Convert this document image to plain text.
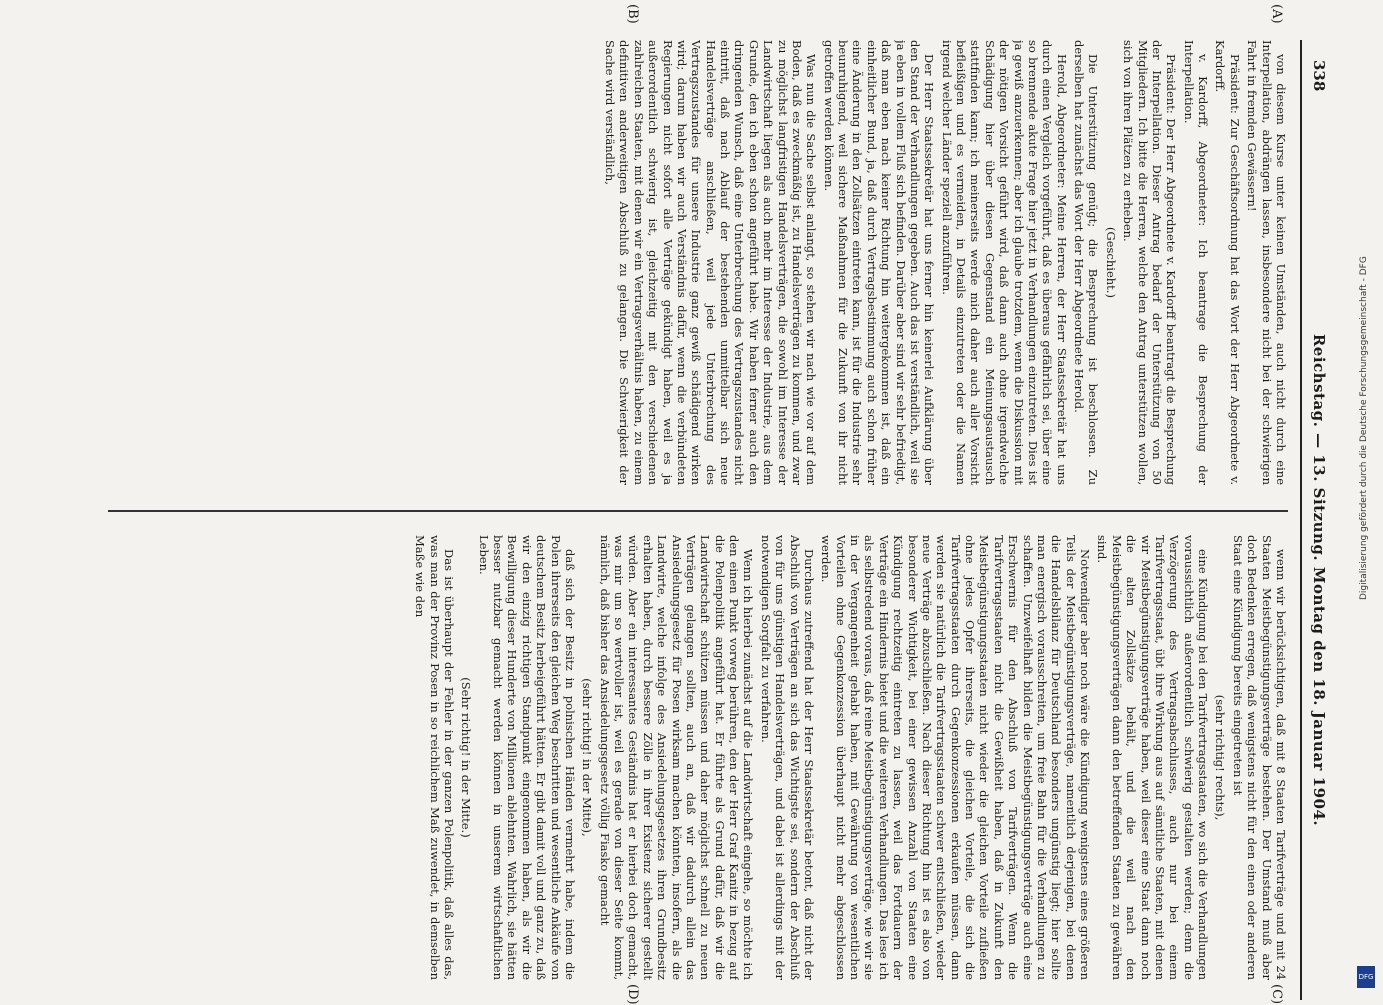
338
Reichstag. — 13. Sitzung. Montag den 18. Januar 1904.
(A)
(B)
(C)
(D)

von diesem Kurse unter keinen Umständen, auch nicht durch eine Interpellation, abdrängen lassen, insbesondere nicht bei der schwierigen Fahrt in fremden Gewässern!

Präsident: Zur Geschäftsordnung hat das Wort der Herr Abgeordnete v. Kardorff.

v. Kardorff, Abgeordneter: Ich beantrage die Besprechung der Interpellation.

Präsident: Der Herr Abgeordnete v. Kardorff beantragt die Besprechung der Interpellation. Dieser Antrag bedarf der Unterstützung von 50 Mitgliedern. Ich bitte die Herren, welche den Antrag unterstützen wollen, sich von ihren Plätzen zu erheben.

(Geschieht.)

Die Unterstützung genügt; die Besprechung ist beschlossen. Zu derselben hat zunächst das Wort der Herr Abgeordnete Herold.

Herold, Abgeordneter: Meine Herren, der Herr Staatssekretär hat uns durch einen Vergleich vorgeführt, daß es überaus gefährlich sei, über eine so brennende akute Frage hier jetzt in Verhandlungen einzutreten. Dies ist ja gewiß anzuerkennen; aber ich glaube trotzdem, wenn die Diskussion mit der nötigen Vorsicht geführt wird, daß dann auch ohne irgendwelche Schädigung hier über diesen Gegenstand ein Meinungsaustausch stattfinden kann; ich meinerseits werde mich daher auch aller Vorsicht befleißigen und es vermeiden, in Details einzutreten oder die Namen irgend welcher Länder speziell anzuführen.

Der Herr Staatssekretär hat uns ferner hin keinerlei Aufklärung über den Stand der Verhandlungen gegeben. Auch das ist verständlich, weil sie ja eben in vollem Fluß sich befinden. Darüber aber sind wir sehr befriedigt, daß man eben nach keiner Richtung hin weitergekommen ist, daß ein einheitlicher Bund, ja, daß durch Vertragsbestimmung auch schon früher eine Änderung in den Zollsätzen eintreten kann, ist für die Industrie sehr beunruhigend, weil sichere Maßnahmen für die Zukunft von ihr nicht getroffen werden können.

Was nun die Sache selbst anlangt, so stehen wir nach wie vor auf dem Boden, daß es zweckmäßig ist, zu Handelsverträgen zu kommen, und zwar zu möglichst langfristigen Handelsverträgen, die sowohl im Interesse der Landwirtschaft liegen als auch mehr im Interesse der Industrie, aus dem Grunde, den ich eben schon angeführt habe. Wir haben ferner auch den dringenden Wunsch, daß eine Unterbrechung des Vertragszustandes nicht eintritt, daß nach Ablauf der bestehenden unmittelbar sich neue Handelsverträge anschließen, weil jede Unterbrechung des Vertragszustandes für unsere Industrie ganz gewiß schädigend wirken wird; darum haben wir auch Verständnis dafür, wenn die verbündeten Regierungen nicht sofort alle Verträge gekündigt haben, weil es ja außerordentlich schwierig ist, gleichzeitig mit den verschiedenen zahlreichen Staaten, mit denen wir ein Vertragsverhältnis haben, zu einem definitiven anderweitigen Abschluß zu gelangen. Die Schwierigkeit der Sache wird verständlich,

wenn wir berücksichtigen, daß mit 8 Staaten Tarifverträge und mit 24 Staaten Meistbegünstigungsverträge bestehen. Der Umstand muß aber doch Bedenken erregen, daß wenigstens nicht für den einen oder anderen Staat eine Kündigung bereits eingetreten ist

(sehr richtig! rechts),

eine Kündigung bei den Tarifvertragsstaaten, wo sich die Verhandlungen voraussichtlich außerordentlich schwierig gestalten werden; denn die Verzögerung des Vertragsabschlusses, auch nur bei einem Tarifvertragsstaat, übt ihre Wirkung aus auf sämtliche Staaten, mit denen wir Meistbegünstigungsverträge haben, weil dieser eine Staat dann noch die alten Zollsätze behält, und die weil nach den Meistbegünstigungsverträgen dann den betreffenden Staaten zu gewähren sind.

Notwendiger aber noch wäre die Kündigung wenigstens eines größeren Teils der Meistbegünstigungsverträge, namentlich derjenigen, bei denen die Handelsbilanz für Deutschland besonders ungünstig liegt; hier sollte man energisch vorausschreiten, um freie Bahn für die Verhandlungen zu schaffen. Unzweifelhaft bilden die Meistbegünstigungsverträge auch eine Erschwernis für den Abschluß von Tarifverträgen. Wenn die Tarifvertragsstaaten nicht die Gewißheit haben, daß in Zukunft den Meistbegünstigungsstaaten nicht wieder die gleichen Vorteile zufließen ohne jedes Opfer ihrerseits, die gleichen Vorteile, die sich die Tarifvertragsstaaten durch Gegenkonzessionen erkaufen müssen, dann werden sie natürlich die Tarifvertragsstaaten schwer entschließen, wieder neue Verträge abzuschließen. Nach dieser Richtung hin ist es also von besonderer Wichtigkeit, bei einer gewissen Anzahl von Staaten eine Kündigung rechtzeitig eintreten zu lassen, weil das Fortdauern der Verträge ein Hindernis bietet und die weiteren Verhandlungen. Das lese ich als selbstredend voraus, daß reine Meistbegünstigungsverträge, wie wir sie in der Vergangenheit gehabt haben, mit Gewährung von wesentlichen Vorteilen ohne Gegenkonzession überhaupt nicht mehr abgeschlossen werden.

Durchaus zutreffend hat der Herr Staatssekretär betont, daß nicht der Abschluß von Verträgen an sich das Wichtigste sei, sondern der Abschluß von für uns günstigen Handelsverträgen, und dabei ist allerdings mit der notwendigen Sorgfalt zu verfahren.

Wenn ich hierbei zunächst auf die Landwirtschaft eingehe, so möchte ich den einen Punkt vorweg berühren, den der Herr Graf Kanitz in bezug auf die Polenpolitik angeführt hat. Er führte als Grund dafür, daß wir die Landwirtschaft schützen müssen und daher möglichst schnell zu neuen Verträgen gelangen sollten, auch an, daß wir dadurch allein das Ansiedelungsgesetz für Posen wirksam machen könnten, insofern, als die Landwirte, welche infolge des Ansiedelungsgesetzes ihren Grundbesitz erhalten haben, durch bessere Zölle in ihrer Existenz sicherer gestellt würden. Aber ein interessantes Geständnis hat er hierbei doch gemacht, was mir um so wertvoller ist, weil es gerade von dieser Seite kommt, nämlich, daß bisher das Ansiedelungsgesetz völlig Fiasko gemacht

(sehr richtig! in der Mitte),

daß sich der Besitz in polnischen Händen vermehrt habe, indem die Polen ihrerseits den gleichen Weg beschritten und wesentliche Ankäufe von deutschem Besitz herbeigeführt hätten. Er gibt damit voll und ganz zu, daß wir den einzig richtigen Standpunkt eingenommen haben, als wir die Bewilligung dieser Hunderte von Millionen ablehnten. Wahrlich, sie hätten besser nutzbar gemacht werden können in unserem wirtschaftlichen Leben.

(Sehr richtig! in der Mitte.)

Das ist überhaupt der Fehler in der ganzen Polenpolitik, daß alles das, was man der Provinz Posen in so reichlichem Maß zuwendet, in demselben Maße wie den	Digitalisierung gefördert durch die Deutsche Forschungsgemeinschaft - DFG
DFG
